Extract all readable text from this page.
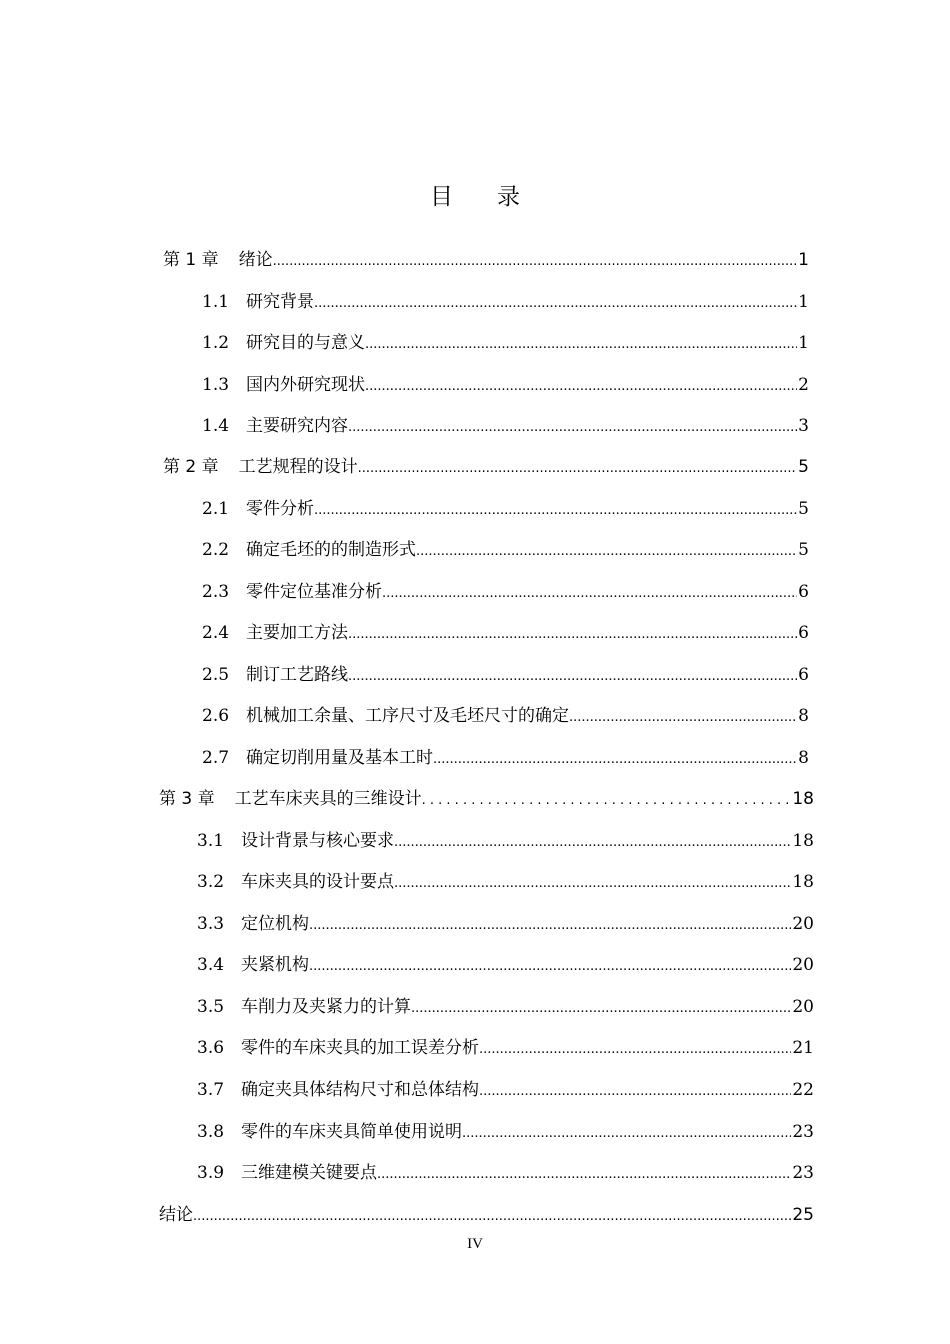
目 录
第 1 章 绪论 .....	1
1.1 研究背景 .....	1
1.2 研究目的与意义 .....	1
1.3 国内外研究现状 .....	2
1.4 主要研究内容 .....	3
第 2 章 工艺规程的设计 .....	5
2.1 零件分析 .....	5
2.2 确定毛坯的的制造形式 .....	5
2.3 零件定位基准分析 .....	6
2.4 主要加工方法 .....	6
2.5 制订工艺路线 .....	6
2.6 机械加工余量、工序尺寸及毛坯尺寸的确定 .....	8
2.7 确定切削用量及基本工时 .....	8
第 3 章 工艺车床夹具的三维设计 . . .	18
3.1 设计背景与核心要求 .....	18
3.2 车床夹具的设计要点 .....	18
3.3 定位机构 .....	20
3.4 夹紧机构 .....	20
3.5 车削力及夹紧力的计算 .....	20
3.6 零件的车床夹具的加工误差分析 .....	21
3.7 确定夹具体结构尺寸和总体结构 .....	22
3.8 零件的车床夹具简单使用说明 .....	23
3.9 三维建模关键要点 .....	23
结论 .....	25
IV
